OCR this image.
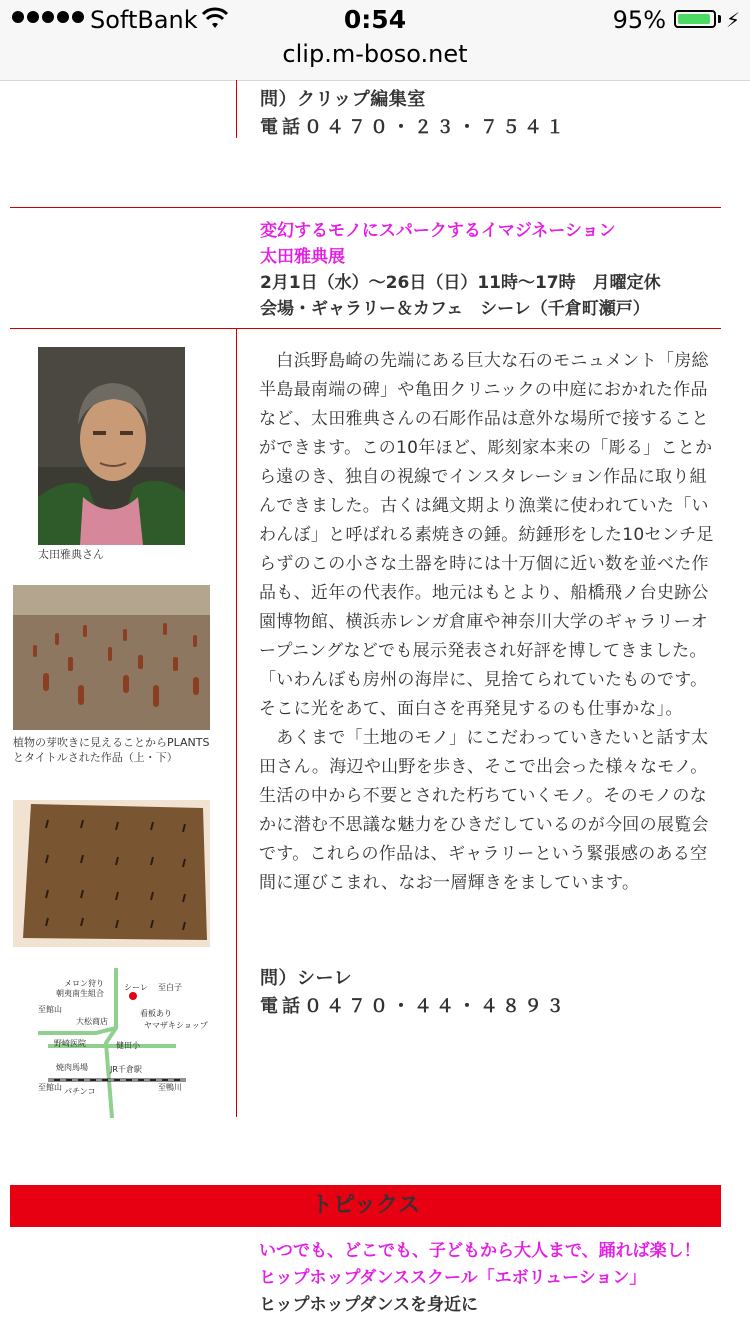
SoftBank	0:54	95%	⚡
clip.m-boso.net
問）クリップ編集室
電話０４７０・２３・７５４１
変幻するモノにスパークするイマジネーション
太田雅典展
2月1日（水）〜26日（日）11時〜17時　月曜定休
会場・ギャラリー＆カフェ　シーレ（千倉町瀬戸）
太田雅典さん
植物の芽吹きに見えることからPLANTSとタイトルされた作品（上・下）
メロン狩り
朝夷南生組合
シーレ 至白子
至館山
大松商店
看板あり
ヤマザキショップ
野崎医院	健田小
焼肉馬場	JR千倉駅
至館山 パチンコ	至鴨川

　白浜野島崎の先端にある巨大な石のモニュメント「房総半島最南端の碑」や亀田クリニックの中庭におかれた作品など、太田雅典さんの石彫作品は意外な場所で接することができます。この10年ほど、彫刻家本来の「彫る」ことから遠のき、独自の視線でインスタレーション作品に取り組んできました。古くは縄文期より漁業に使われていた「いわんぼ」と呼ばれる素焼きの錘。紡錘形をした10センチ足らずのこの小さな土器を時には十万個に近い数を並べた作品も、近年の代表作。地元はもとより、船橋飛ノ台史跡公園博物館、横浜赤レンガ倉庫や神奈川大学のギャラリーオープニングなどでも展示発表され好評を博してきました。

「いわんぼも房州の海岸に、見捨てられていたものです。そこに光をあて、面白さを再発見するのも仕事かな」。

　あくまで「土地のモノ」にこだわっていきたいと話す太田さん。海辺や山野を歩き、そこで出会った様々なモノ。生活の中から不要とされた朽ちていくモノ。そのモノのなかに潜む不思議な魅力をひきだしているのが今回の展覧会です。これらの作品は、ギャラリーという緊張感のある空間に運びこまれ、なお一層輝きをましています。

問）シーレ
電話０４７０・４４・４８９３
トピックス
いつでも、どこでも、子どもから大人まで、踊れば楽し！
ヒップホップダンススクール「エボリューション」
ヒップホップダンスを身近に
